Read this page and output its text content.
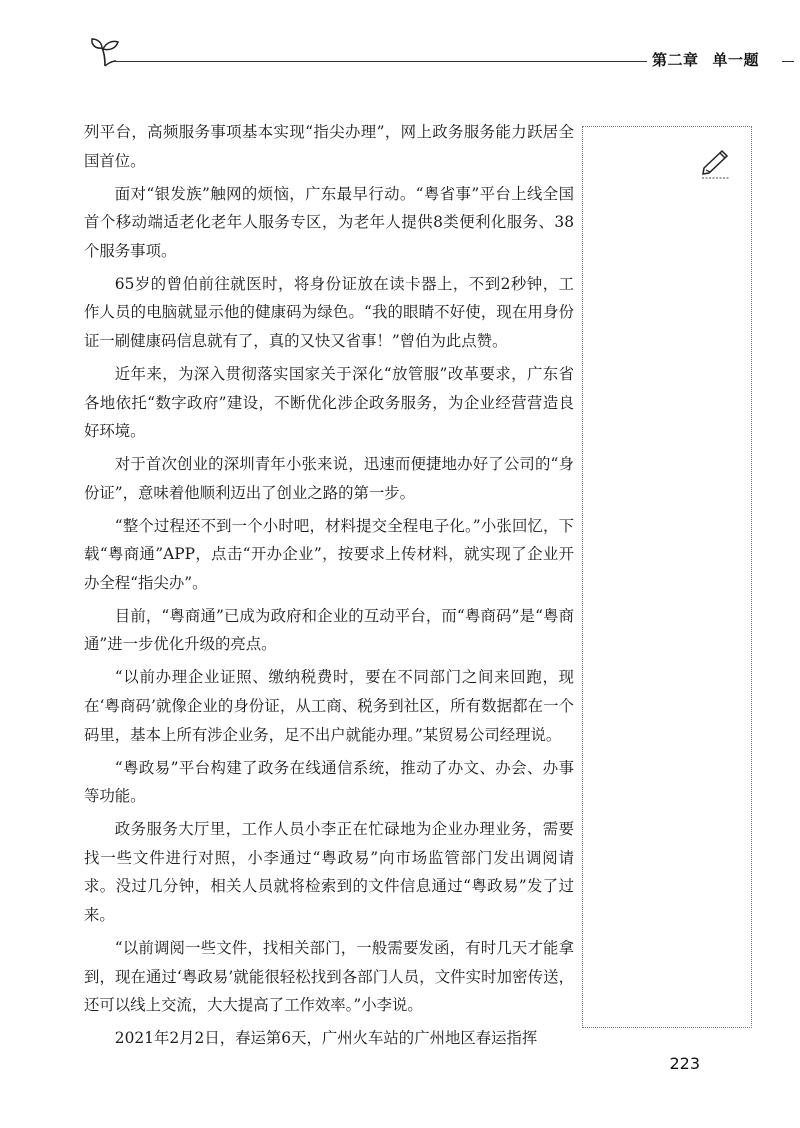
第二章 单一题

列平台，高频服务事项基本实现“指尖办理”，网上政务服务能力跃居全国首位。

面对“银发族”触网的烦恼，广东最早行动。“粤省事”平台上线全国首个移动端适老化老年人服务专区，为老年人提供8类便利化服务、38个服务事项。

65岁的曾伯前往就医时，将身份证放在读卡器上，不到2秒钟，工作人员的电脑就显示他的健康码为绿色。“我的眼睛不好使，现在用身份证一刷健康码信息就有了，真的又快又省事！”曾伯为此点赞。

近年来，为深入贯彻落实国家关于深化“放管服”改革要求，广东省各地依托“数字政府”建设，不断优化涉企政务服务，为企业经营营造良好环境。

对于首次创业的深圳青年小张来说，迅速而便捷地办好了公司的“身份证”，意味着他顺利迈出了创业之路的第一步。

“整个过程还不到一个小时吧，材料提交全程电子化。”小张回忆，下载“粤商通”APP，点击“开办企业”，按要求上传材料，就实现了企业开办全程“指尖办”。

目前，“粤商通”已成为政府和企业的互动平台，而“粤商码”是“粤商通”进一步优化升级的亮点。

“以前办理企业证照、缴纳税费时，要在不同部门之间来回跑，现在‘粤商码’就像企业的身份证，从工商、税务到社区，所有数据都在一个码里，基本上所有涉企业务，足不出户就能办理。”某贸易公司经理说。

“粤政易”平台构建了政务在线通信系统，推动了办文、办会、办事等功能。

政务服务大厅里，工作人员小李正在忙碌地为企业办理业务，需要找一些文件进行对照，小李通过“粤政易”向市场监管部门发出调阅请求。没过几分钟，相关人员就将检索到的文件信息通过“粤政易”发了过来。

“以前调阅一些文件，找相关部门，一般需要发函，有时几天才能拿到，现在通过‘粤政易’就能很轻松找到各部门人员，文件实时加密传送，还可以线上交流，大大提高了工作效率。”小李说。

2021年2月2日，春运第6天，广州火车站的广州地区春运指挥

223
